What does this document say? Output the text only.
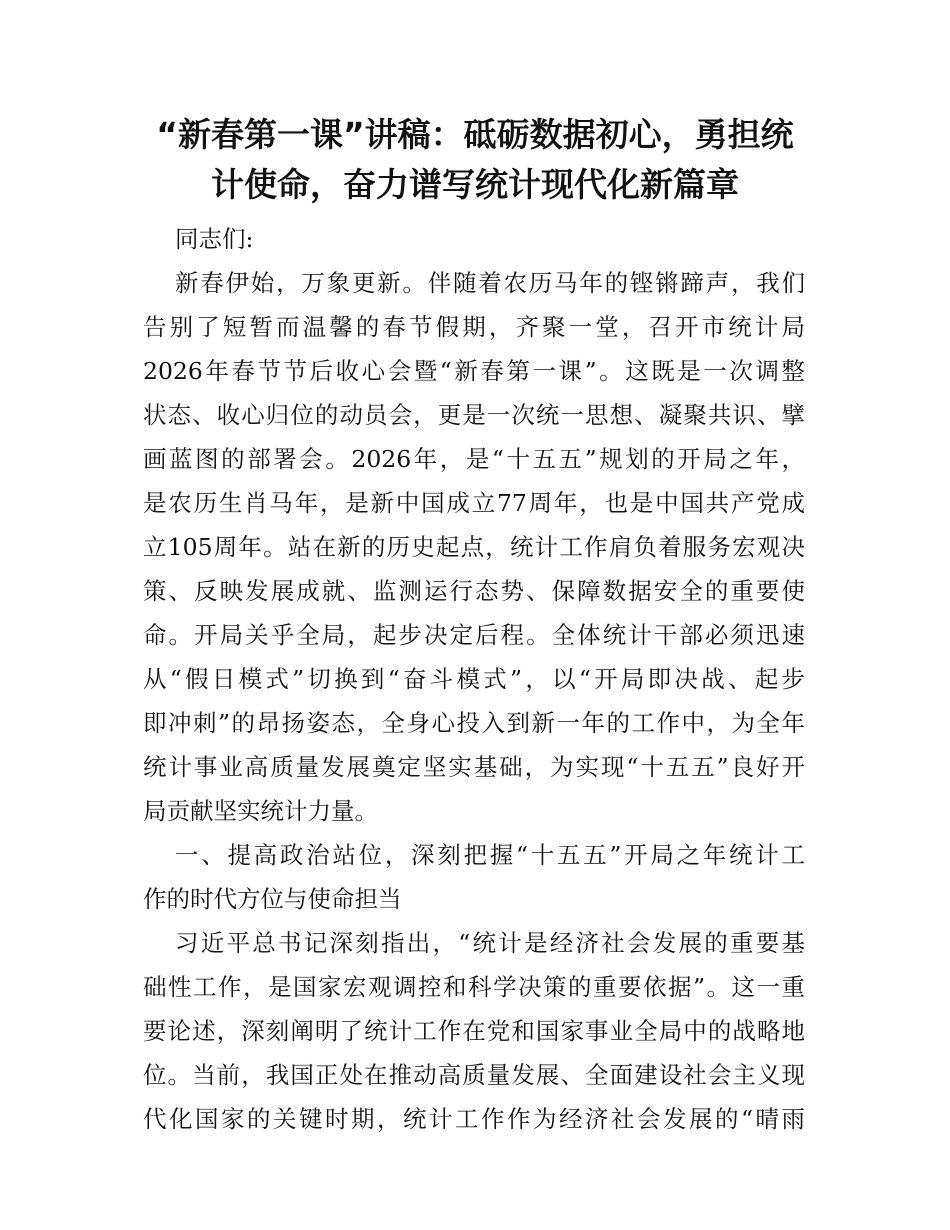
“新春第一课”讲稿：砥砺数据初心，勇担统
计使命，奋力谱写统计现代化新篇章
同志们:
新春伊始，万象更新。伴随着农历马年的铿锵蹄声，我们
告别了短暂而温馨的春节假期，齐聚一堂，召开市统计局
2026年春节节后收心会暨“新春第一课”。这既是一次调整
状态、收心归位的动员会，更是一次统一思想、凝聚共识、擘
画蓝图的部署会。2026年，是“十五五”规划的开局之年，
是农历生肖马年，是新中国成立77周年，也是中国共产党成
立105周年。站在新的历史起点，统计工作肩负着服务宏观决
策、反映发展成就、监测运行态势、保障数据安全的重要使
命。开局关乎全局，起步决定后程。全体统计干部必须迅速
从“假日模式”切换到“奋斗模式”，以“开局即决战、起步
即冲刺”的昂扬姿态，全身心投入到新一年的工作中，为全年
统计事业高质量发展奠定坚实基础，为实现“十五五”良好开
局贡献坚实统计力量。
一、提高政治站位，深刻把握“十五五”开局之年统计工
作的时代方位与使命担当
习近平总书记深刻指出，“统计是经济社会发展的重要基
础性工作，是国家宏观调控和科学决策的重要依据”。这一重
要论述，深刻阐明了统计工作在党和国家事业全局中的战略地
位。当前，我国正处在推动高质量发展、全面建设社会主义现
代化国家的关键时期，统计工作作为经济社会发展的“晴雨
